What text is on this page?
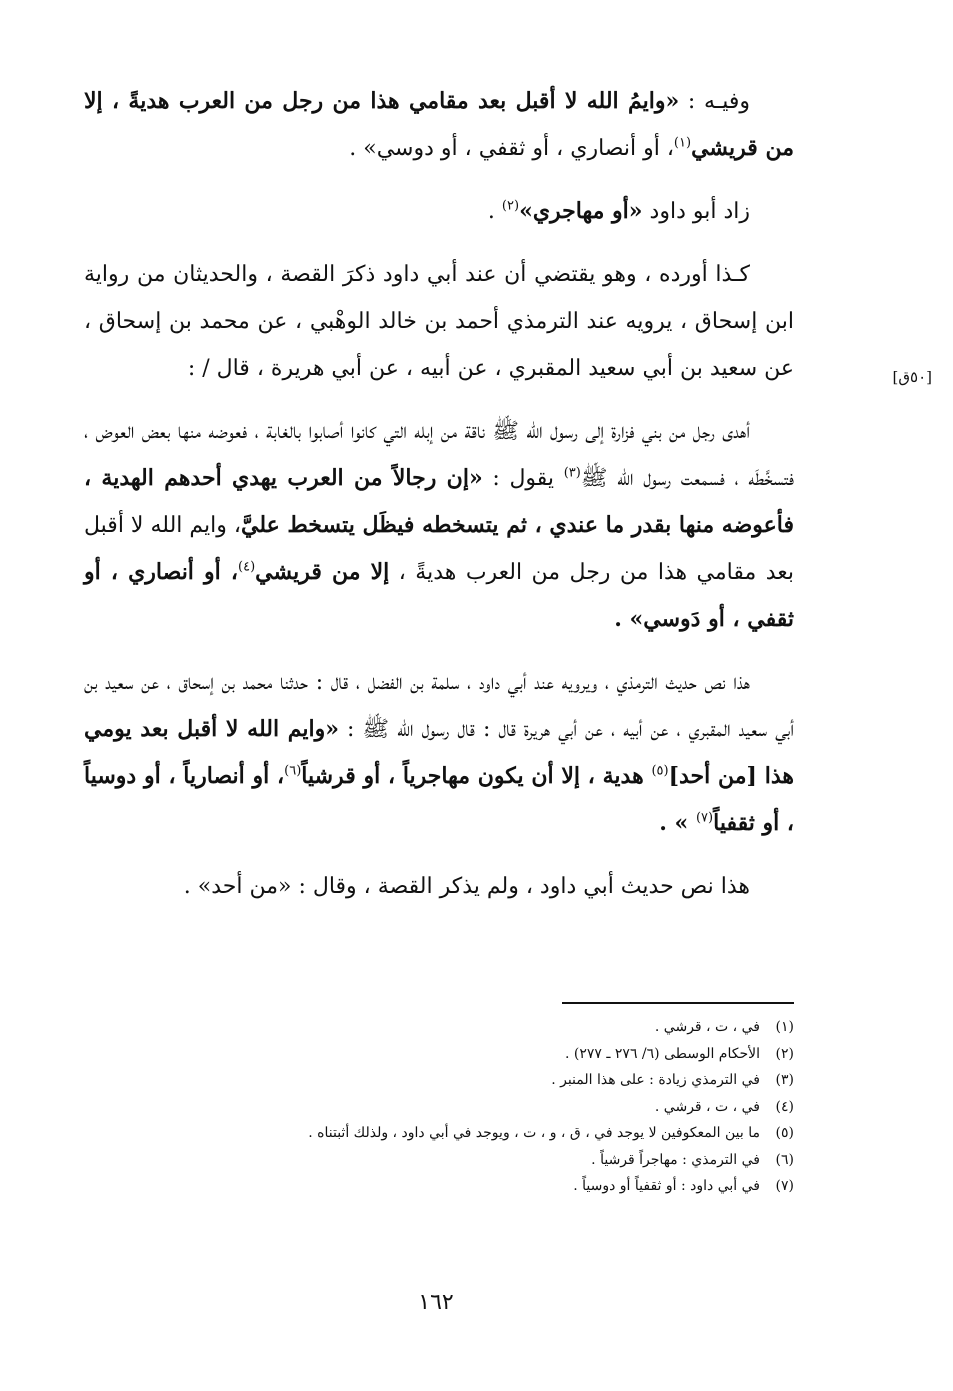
وفيـه : «وايمُ الله لا أقبل بعد مقامي هذا من رجل من العرب هديةً ، إلا من قريشي$^{(١)}$، أو أنصاري ، أو ثقفي ، أو دوسي» .

زاد أبو داود «أو مهاجري»$^{(٢)}$ .

كـذا أورده ، وهو يقتضي أن عند أبي داود ذكرَ القصة ، والحديثان من رواية ابن إسحاق ، يرويه عند الترمذي أحمد بن خالد الوهْبي ، عن محمد بن إسحاق ، عن سعيد بن أبي سعيد المقبري ، عن أبيه ، عن أبي هريرة ، قال / :

أهدى رجل من بني فزارة إلى رسول الله ﷺ ناقة من إبله التي كانوا أصابوا بالغابة ، فعوضه منها بعض العوض ، فتسخَّطَه ، فسمعت رسول الله ﷺ$^{(٣)}$ يقول : «إن رجالاً من العرب يهدي أحدهم الهدية ، فأعوضه منها بقدر ما عندي ، ثم يتسخطه فيظَل يتسخط عليَّ، وايم الله لا أقبل بعد مقامي هذا من رجل من العرب هديةً ، إلا من قريشي$^{(٤)}$، أو أنصاري ، أو ثقفي ، أو دَوسي» .

هذا نص حديث الترمذي ، ويرويه عند أبي داود ، سلمة بن الفضل ، قال : حدثنا محمد بن إسحاق ، عن سعيد بن أبي سعيد المقبري ، عن أبيه ، عن أبي هريرة قال : قال رسول الله ﷺ : «وايم الله لا أقبل بعد يومي هذا [من أحد]$^{(٥)}$ هدية ، إلا أن يكون مهاجرياً ، أو قرشياً$^{(٦)}$، أو أنصارياً ، أو دوسياً ، أو ثقفياً$^{(٧)}$ » .

هذا نص حديث أبي داود ، ولم يذكر القصة ، وقال : «من أحد» .

[٥٠ق]
(١)
في ، ت ، قرشي .
(٢)
الأحكام الوسطى (٦/ ٢٧٦ ـ ٢٧٧) .
(٣)
في الترمذي زيادة : على هذا المنبر .
(٤)
في ، ت ، قرشي .
(٥)
ما بين المعكوفين لا يوجد في ، ق ، و ، ت ، ويوجد في أبي داود ، ولذلك أثبتناه .
(٦)
في الترمذي : مهاجراً قرشياً .
(٧)
في أبي داود : أو ثقفياً أو دوسياً .
١٦٢
